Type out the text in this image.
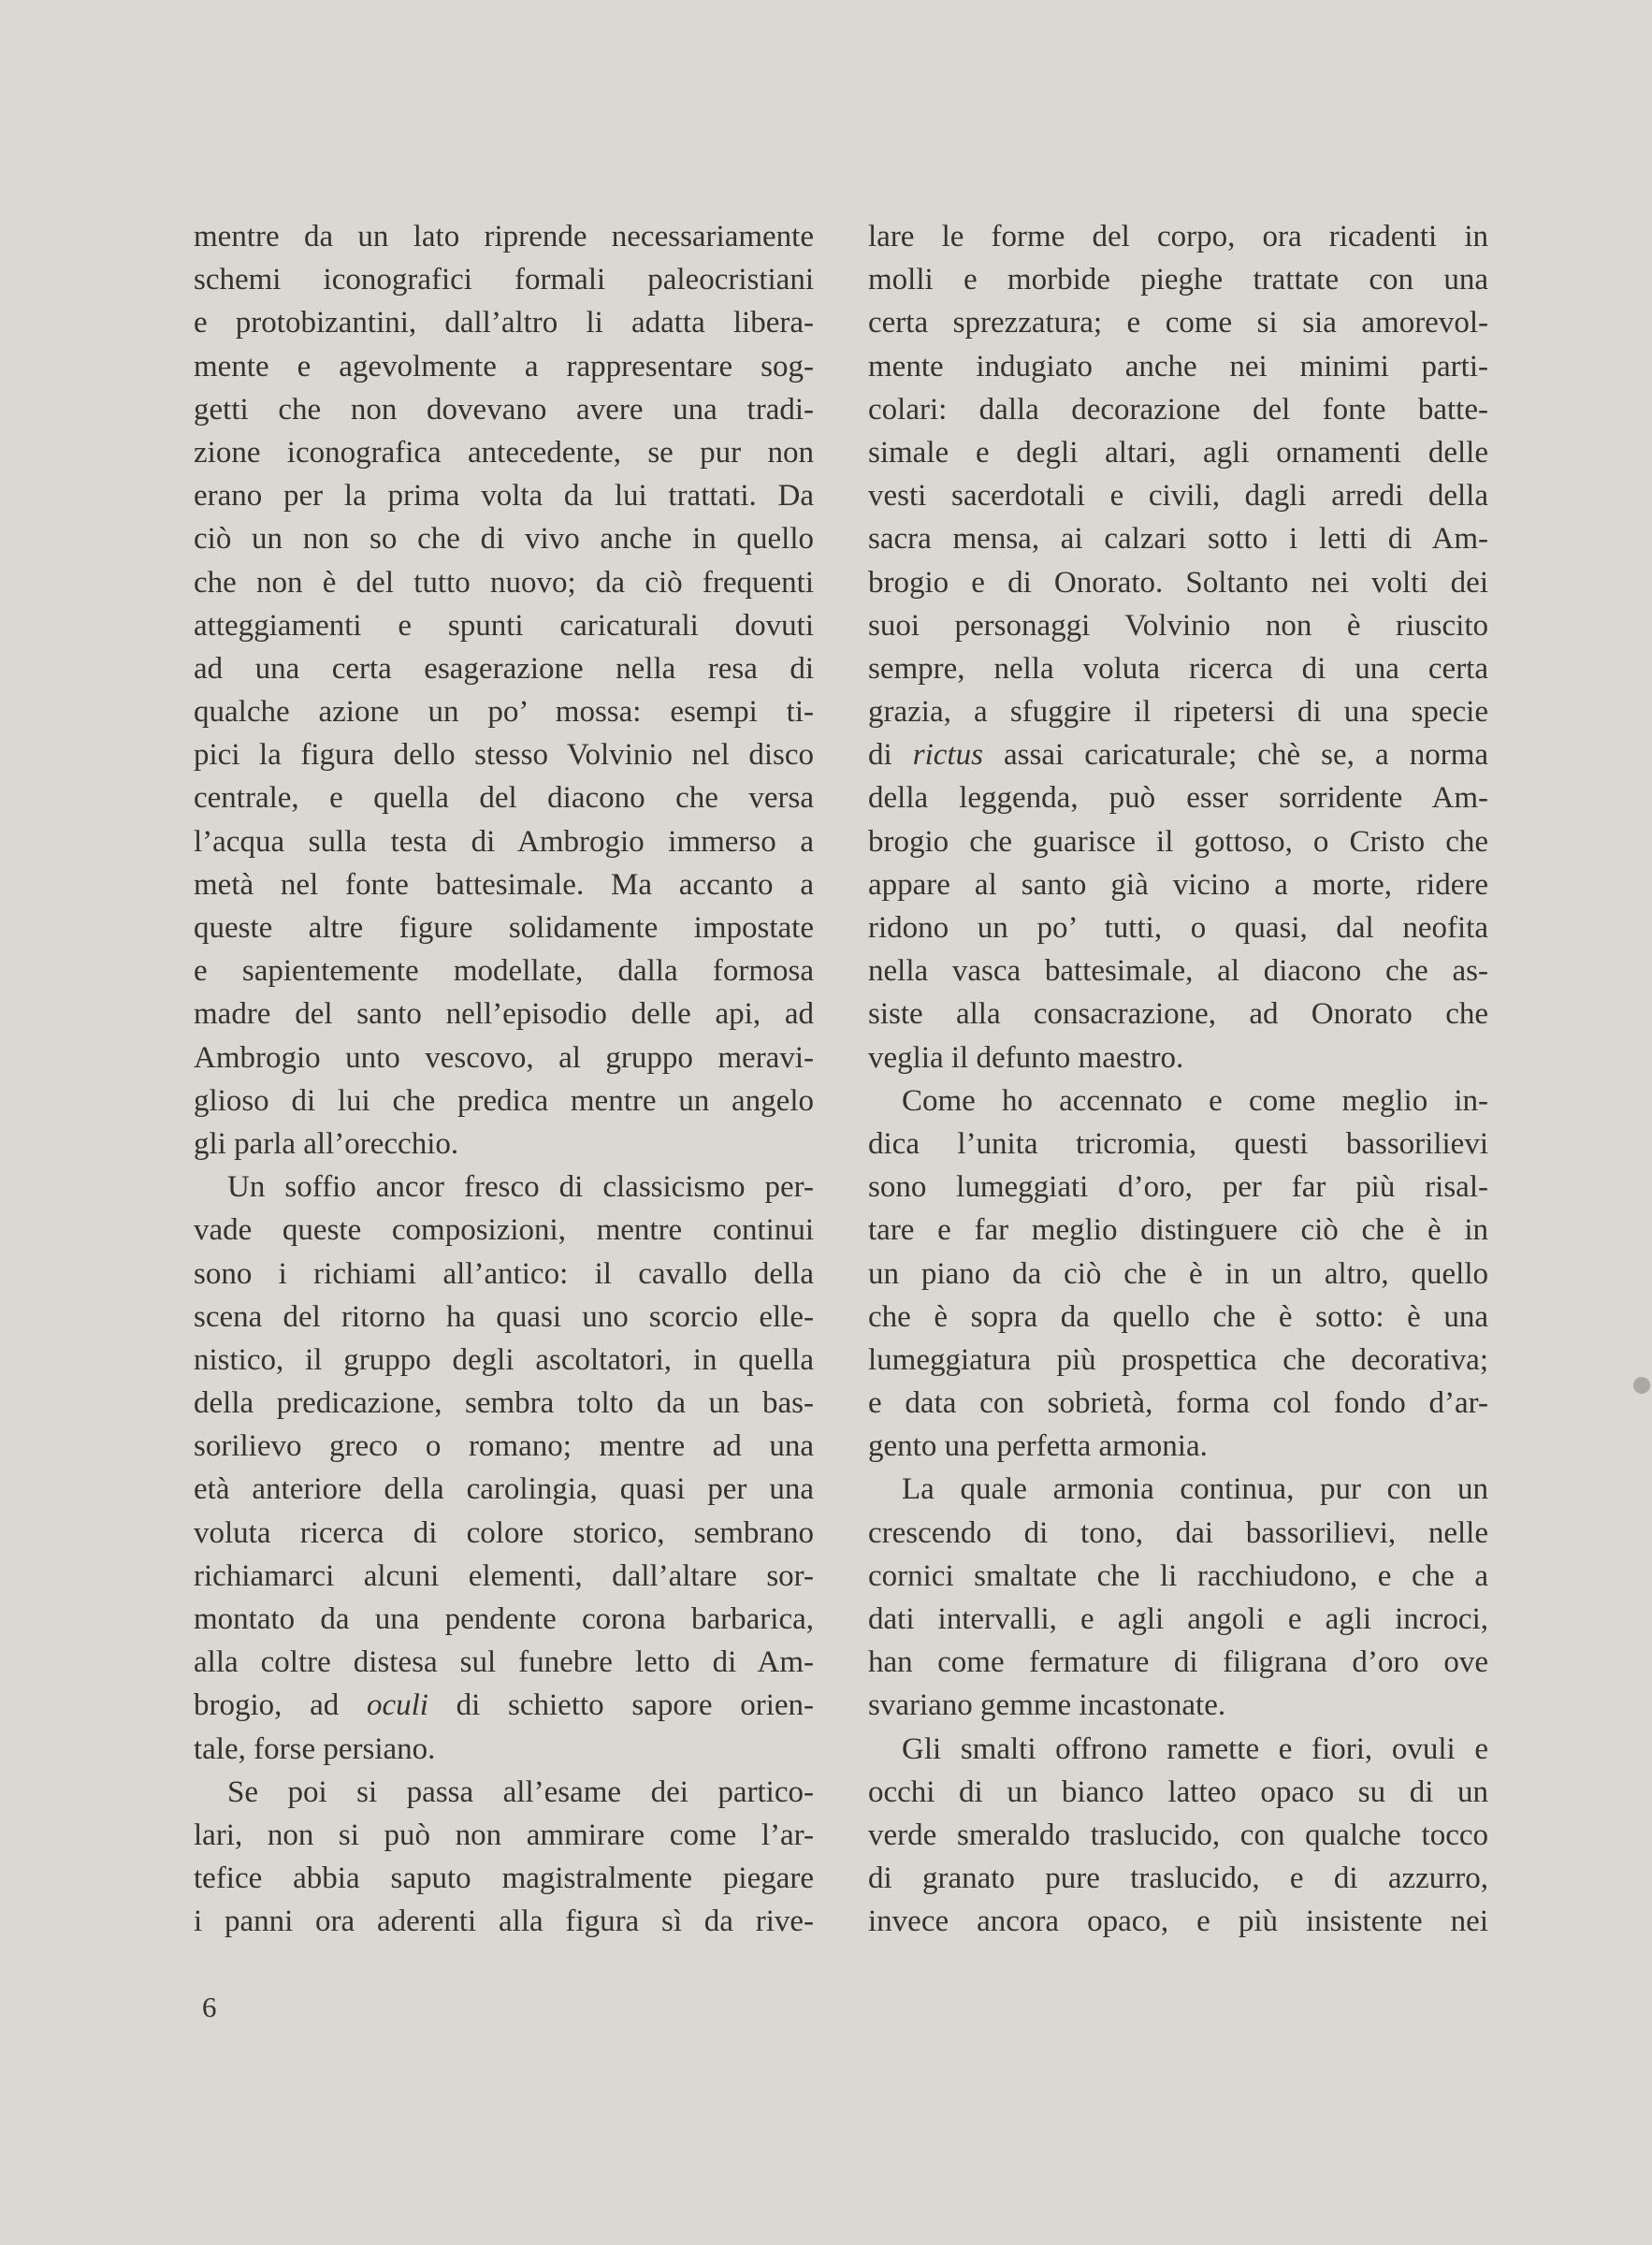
mentre da un lato riprende necessariamente
schemi iconografici formali paleocristiani
e protobizantini, dall’altro li adatta libera-
mente e agevolmente a rappresentare sog-
getti che non dovevano avere una tradi-
zione iconografica antecedente, se pur non
erano per la prima volta da lui trattati. Da
ciò un non so che di vivo anche in quello
che non è del tutto nuovo; da ciò frequenti
atteggiamenti e spunti caricaturali dovuti
ad una certa esagerazione nella resa di
qualche azione un po’ mossa: esempi ti-
pici la figura dello stesso Volvinio nel disco
centrale, e quella del diacono che versa
l’acqua sulla testa di Ambrogio immerso a
metà nel fonte battesimale. Ma accanto a
queste altre figure solidamente impostate
e sapientemente modellate, dalla formosa
madre del santo nell’episodio delle api, ad
Ambrogio unto vescovo, al gruppo meravi-
glioso di lui che predica mentre un angelo
gli parla all’orecchio.
Un soffio ancor fresco di classicismo per-
vade queste composizioni, mentre continui
sono i richiami all’antico: il cavallo della
scena del ritorno ha quasi uno scorcio elle-
nistico, il gruppo degli ascoltatori, in quella
della predicazione, sembra tolto da un bas-
sorilievo greco o romano; mentre ad una
età anteriore della carolingia, quasi per una
voluta ricerca di colore storico, sembrano
richiamarci alcuni elementi, dall’altare sor-
montato da una pendente corona barbarica,
alla coltre distesa sul funebre letto di Am-
brogio, ad oculi di schietto sapore orien-
tale, forse persiano.
Se poi si passa all’esame dei partico-
lari, non si può non ammirare come l’ar-
tefice abbia saputo magistralmente piegare
i panni ora aderenti alla figura sì da rive-
lare le forme del corpo, ora ricadenti in
molli e morbide pieghe trattate con una
certa sprezzatura; e come si sia amorevol-
mente indugiato anche nei minimi parti-
colari: dalla decorazione del fonte batte-
simale e degli altari, agli ornamenti delle
vesti sacerdotali e civili, dagli arredi della
sacra mensa, ai calzari sotto i letti di Am-
brogio e di Onorato. Soltanto nei volti dei
suoi personaggi Volvinio non è riuscito
sempre, nella voluta ricerca di una certa
grazia, a sfuggire il ripetersi di una specie
di rictus assai caricaturale; chè se, a norma
della leggenda, può esser sorridente Am-
brogio che guarisce il gottoso, o Cristo che
appare al santo già vicino a morte, ridere
ridono un po’ tutti, o quasi, dal neofita
nella vasca battesimale, al diacono che as-
siste alla consacrazione, ad Onorato che
veglia il defunto maestro.
Come ho accennato e come meglio in-
dica l’unita tricromia, questi bassorilievi
sono lumeggiati d’oro, per far più risal-
tare e far meglio distinguere ciò che è in
un piano da ciò che è in un altro, quello
che è sopra da quello che è sotto: è una
lumeggiatura più prospettica che decorativa;
e data con sobrietà, forma col fondo d’ar-
gento una perfetta armonia.
La quale armonia continua, pur con un
crescendo di tono, dai bassorilievi, nelle
cornici smaltate che li racchiudono, e che a
dati intervalli, e agli angoli e agli incroci,
han come fermature di filigrana d’oro ove
svariano gemme incastonate.
Gli smalti offrono ramette e fiori, ovuli e
occhi di un bianco latteo opaco su di un
verde smeraldo traslucido, con qualche tocco
di granato pure traslucido, e di azzurro,
invece ancora opaco, e più insistente nei
6
